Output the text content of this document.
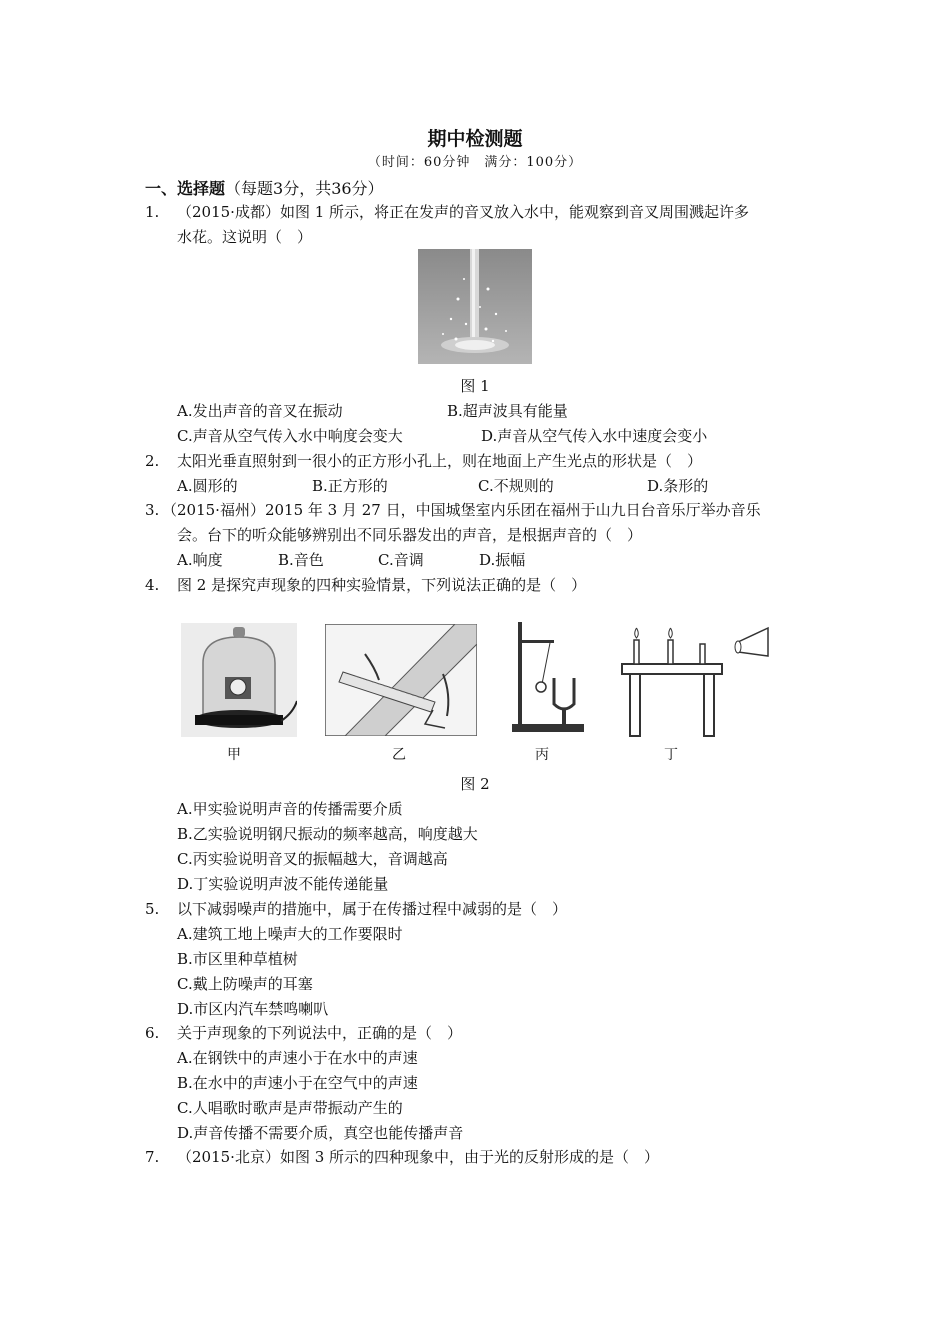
期中检测题
（时间：60分钟　满分：100分）
一、选择题（每题3分，共36分）
1. （2015·成都）如图 1 所示，将正在发声的音叉放入水中，能观察到音叉周围溅起许多
水花。这说明（　）
图 1
A.发出声音的音叉在振动	B.超声波具有能量
C.声音从空气传入水中响度会变大	D.声音从空气传入水中速度会变小
2. 太阳光垂直照射到一很小的正方形小孔上，则在地面上产生光点的形状是（　）
A.圆形的	B.正方形的	C.不规则的	D.条形的
3. （2015·福州）2015 年 3 月 27 日，中国城堡室内乐团在福州于山九日台音乐厅举办音乐
会。台下的听众能够辨别出不同乐器发出的声音，是根据声音的（　）
A.响度	B.音色	C.音调	D.振幅
4. 图 2 是探究声现象的四种实验情景，下列说法正确的是（　）
甲	乙	丙	丁
图 2
A.甲实验说明声音的传播需要介质
B.乙实验说明钢尺振动的频率越高，响度越大
C.丙实验说明音叉的振幅越大，音调越高
D.丁实验说明声波不能传递能量
5. 以下减弱噪声的措施中，属于在传播过程中减弱的是（　）
A.建筑工地上噪声大的工作要限时
B.市区里种草植树
C.戴上防噪声的耳塞
D.市区内汽车禁鸣喇叭
6. 关于声现象的下列说法中，正确的是（　）
A.在钢铁中的声速小于在水中的声速
B.在水中的声速小于在空气中的声速
C.人唱歌时歌声是声带振动产生的
D.声音传播不需要介质，真空也能传播声音
7. （2015·北京）如图 3 所示的四种现象中，由于光的反射形成的是（　）
